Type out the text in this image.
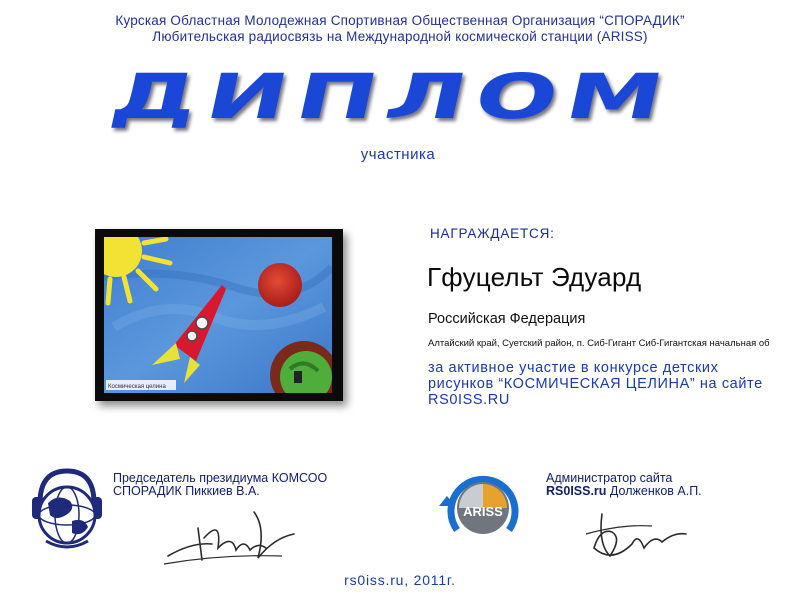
Курская Областная Молодежная Спортивная Общественная Организация “СПОРАДИК”
Любительская радиосвязь на Международной космической станции (ARISS)
ДИПЛОМ
участника
Космическая целина
НАГРАЖДАЕТСЯ:
Гфуцельт Эдуард
Российская Федерация
Алтайский край, Суетский район, п. Сиб-Гигант Сиб-Гигантская начальная об
за активное участие в конкурсе детских рисунков “КОСМИЧЕСКАЯ ЦЕЛИНА” на сайте RS0ISS.RU
Председатель президиума КОМСОО
СПОРАДИК Пиккиев В.А.
ARISS
Администратор сайта
RS0ISS.ru Долженков А.П.
rs0iss.ru, 2011г.
